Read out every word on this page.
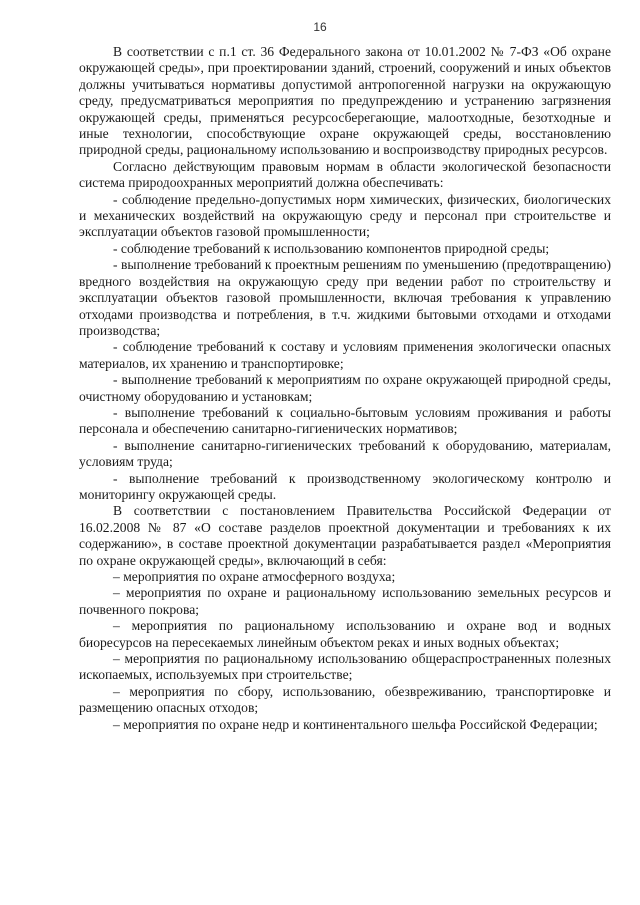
16

В соответствии с п.1 ст. 36 Федерального закона от 10.01.2002 № 7-ФЗ «Об охране окружающей среды», при проектировании зданий, строений, сооружений и иных объектов должны учитываться нормативы допустимой антропогенной нагрузки на окружающую среду, предусматриваться мероприятия по предупреждению и устранению загрязнения окружающей среды, применяться ресурсосберегающие, малоотходные, безотходные и иные технологии, способствующие охране окружающей среды, восстановлению природной среды, рациональному использованию и воспроизводству природных ресурсов.

Согласно действующим правовым нормам в области экологической безопасности система природоохранных мероприятий должна обеспечивать:

- соблюдение предельно-допустимых норм химических, физических, биологических и механических воздействий на окружающую среду и персонал при строительстве и эксплуатации объектов газовой промышленности;

- соблюдение требований к использованию компонентов природной среды;

- выполнение требований к проектным решениям по уменьшению (предотвращению) вредного воздействия на окружающую среду при ведении работ по строительству и эксплуатации объектов газовой промышленности, включая требования к управлению отходами производства и потребления, в т.ч. жидкими бытовыми отходами и отходами производства;

- соблюдение требований к составу и условиям применения экологически опасных материалов, их хранению и транспортировке;

- выполнение требований к мероприятиям по охране окружающей природной среды, очистному оборудованию и установкам;

- выполнение требований к социально-бытовым условиям проживания и работы персонала и обеспечению санитарно-гигиенических нормативов;

- выполнение санитарно-гигиенических требований к оборудованию, материалам, условиям труда;

- выполнение требований к производственному экологическому контролю и мониторингу окружающей среды.

В соответствии с постановлением Правительства Российской Федерации от 16.02.2008 № 87 «О составе разделов проектной документации и требованиях к их содержанию», в составе проектной документации разрабатывается раздел «Мероприятия по охране окружающей среды», включающий в себя:

– мероприятия по охране атмосферного воздуха;

– мероприятия по охране и рациональному использованию земельных ресурсов и почвенного покрова;

– мероприятия по рациональному использованию и охране вод и водных биоресурсов на пересекаемых линейным объектом реках и иных водных объектах;

– мероприятия по рациональному использованию общераспространенных полезных ископаемых, используемых при строительстве;

– мероприятия по сбору, использованию, обезвреживанию, транспортировке и размещению опасных отходов;

– мероприятия по охране недр и континентального шельфа Российской Федерации;
